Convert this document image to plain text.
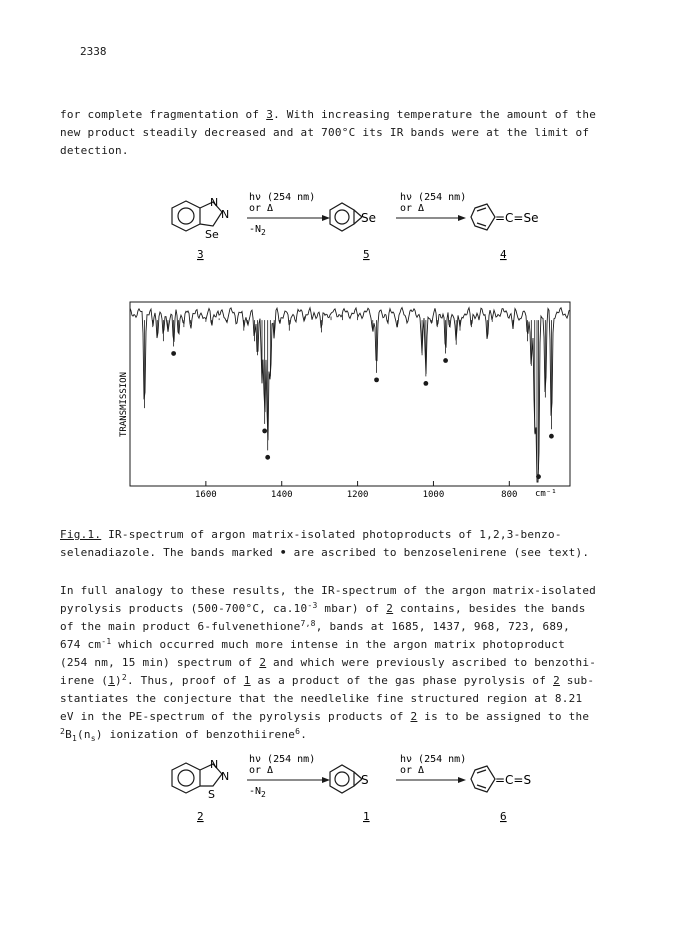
2338
for complete fragmentation of 3. With increasing temperature the amount of the
new product steadily decreased and at 700°C its IR bands were at the limit of
detection.
N
N
Se
hν (254 nm)
or Δ
$-N_2$
Se
hν (254 nm)
or Δ
=C=Se
3	5	4
TRANSMISSION
cm⁻¹
1600	1400	1200	1000	800
Fig.1. IR-spectrum of argon matrix-isolated photoproducts of 1,2,3-benzo-
selenadiazole. The bands marked • are ascribed to benzoselenirene (see text).
In full analogy to these results, the IR-spectrum of the argon matrix-isolated
pyrolysis products (500-700°C, $ca.10^{-3}$ mbar) of 2 contains, besides the bands
of the main product 6-fulvenethione$^{7,8}$, bands at 1685, 1437, 968, 723, 689,
674 $cm^{-1}$ which occurred much more intense in the argon matrix photoproduct
(254 nm, 15 min) spectrum of 2 and which were previously ascribed to benzothi-
irene $(1)^2$. Thus, proof of 1 as a product of the gas phase pyrolysis of 2 sub-
stantiates the conjecture that the needlelike fine structured region at 8.21
eV in the PE-spectrum of the pyrolysis products of 2 is to be assigned to the
$^2B_1(n_s)$ ionization of benzothiirene$^6$.
N
N
S
hν (254 nm)
or Δ
$-N_2$
S
hν (254 nm)
or Δ
=C=S
2	1	6
